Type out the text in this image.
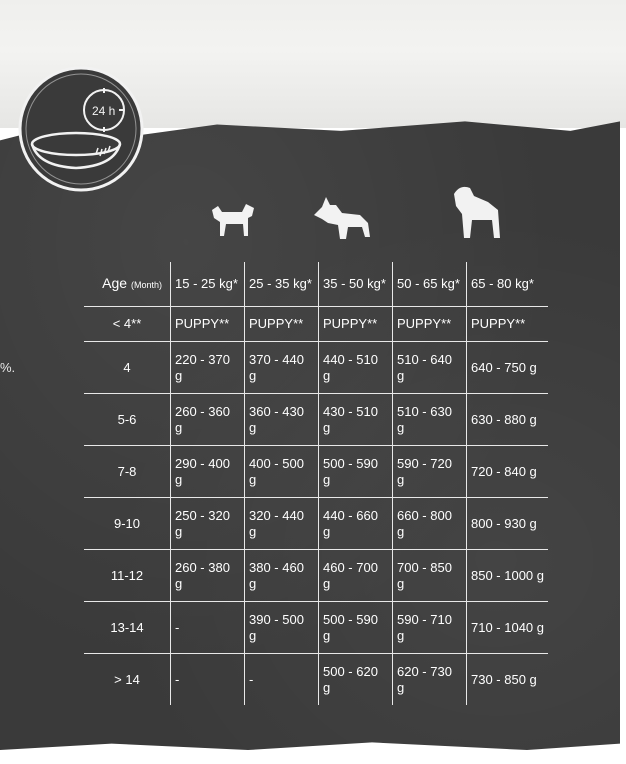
%.
24 h
Age (Month)	15 - 25 kg*	25 - 35 kg*	35 - 50 kg*	50 - 65 kg*	65 - 80 kg*
< 4**	PUPPY**	PUPPY**	PUPPY**	PUPPY**	PUPPY**
4	220 - 370 g	370 - 440 g	440 - 510 g	510 - 640 g	640 - 750 g
5-6	260 - 360 g	360 - 430 g	430 - 510 g	510 - 630 g	630 - 880 g
7-8	290 - 400 g	400 - 500 g	500 - 590 g	590 - 720 g	720 - 840 g
9-10	250 - 320 g	320 - 440 g	440 - 660 g	660 - 800 g	800 - 930 g
11-12	260 - 380 g	380 - 460 g	460 - 700 g	700 - 850 g	850 - 1000 g
13-14	-	390 - 500 g	500 - 590 g	590 - 710 g	710 - 1040 g
> 14	-	-	500 - 620 g	620 - 730 g	730 - 850 g
